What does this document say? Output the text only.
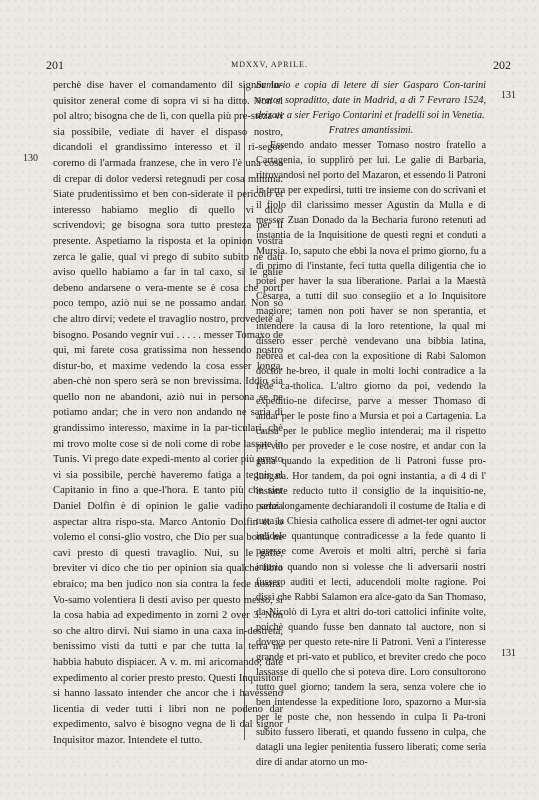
201	MDXXV, APRILE.	202
130
131
131

perchè dise haver el comandamento dil signor In-quisitor zeneral come di sopra vi si ha ditto. Non si pol altro; bisogna che de lì, con quella più pre-steza vi sia possibile, vediate di haver el dispaso nostro, dicandoli el grandissimo interesso et il ri-segoo coremo di l'armada franzese, che in vero l'è una cosa di crepar di dolor vedersi retegnudi per cosa minima. Siate prudentissimo et ben con-siderate il pericolo et interesso habiamo meglio di quello vi dico scrivendovi; ge bisogna sora tutto presteza per il presente. Aspetiamo la risposta et la opinion vostra zerca le galie, qual vi prego di subito subito ne dati aviso quello habiamo a far in tal caxo, si le galie debeno andarsene o vera-mente se è cosa che porti poco tempo, aziò nui se ne possamo andar. Non sò che altro dirvi; vedete el travaglio nostro, provedete al bisogno. Posando vegnir vui . . . . . messer Tomaxo de qui, mi farete cosa gratissima non hessendo nostro distur-bo, et maxime vedendo la cosa esser longa, aben-chè non spero serà se non brevissima. Iddio sia quello non ne abandoni, aziò nui in persona se ne potiamo andar; che in vero non andando ne saria di grandissimo interesso, maxime in la par-ticulari, chè mi trovo molte cose si de noli come di robe lassate in Tunis. Vi prego date expedi-mento al corier più presto vi sia possibile, perchè haveremo fatiga a tegnir el Capitanio in fino a que-l'hora. E tanto più che sier Daniel Dolfin è di opinion le galie vadino senza aspectar altra rispo-sta. Marco Antonio Dolfin et io volemo el consi-glio vostro, che Dio per sua bontà ne cavi presto di questi travaglio. Nui, su le galie, breviter vi dico che tio per opinion sia qualche libro ebraico; ma ben judico non sia contra la fede nostra. Vo-samo volentiera li desti aviso per questo messo, si la cosa habia ad expedimento in zorni 2 over 3. Non so che altro dirvi. Nui siamo in una caxa in-destreta, benissimo visti da tutti e par che tutta la terra ne habbia habuto dispiacer. A v. m. mi aricomando; date expedimento al corier presto presto. Questi Inquisitori si hanno lassato intender che ancor che i havesseno licentia di veder tutti i libri non ne podeno dar expedimento, salvo è bisogno vegna de lì dal signor Inquisitor mazor. Intendete el tutto.

Sumario e copia di letere di sier Gasparo Con-tarini orator sopraditto, date in Madrid, a dì 7 Fevraro 1524, drizate a sier Ferigo Contarini et fradelli soi in Venetia.

Fratres amantissimi.

Essendo andato messer Tomaso nostro fratello a Cartagenia, io supplirò per lui. Le galie di Barbaria, ritrovandosi nel porto del Mazaron, et essendo li Patroni in terra per expedirsi, tutti tre insieme con do scrivani et il fiolo dil clarissimo messer Agustin da Mulla e di messer Zuan Donado da la Becharia furono retenuti ad instantia de la Inquisitione de questi regni et conduti a Mursia. Io, saputo che ebbi la nova el primo giorno, fu a dì primo di l'instante, feci tutta quella diligentia che io potei per haver la sua liberatione. Parlai a la Maestà Cesarea, a tutti dil suo consegiio et a lo Inquisitore magiore; tamen non poti haver se non sperantia, et intendere la causa di la loro retentione, la qual mi dissero esser perchè vendevano una bibbia latina, hebrea et cal-dea con la expositione di Rabi Salomon doctor he-breo, il quale in molti lochi contradice a la fede ca-tholica. L'altro giorno da poi, vedendo la expeditio-ne difecirse, parve a messer Thomaso di andar per le poste fino a Mursia et poi a Cartagenia. La causa per le publice meglio intenderai; ma il rispetto pri-vato per proveder e le cose nostre, et andar con la galia quando la expedition de li Patroni fusse pro-lungata. Hor tandem, da poi ogni instantia, a dì 4 di l' instante reducto tutto il consiglio de la inquisitio-ne, parlai longamente dechiarandoli il costume de Italia e di tutta la Chiesia catholica essere di admet-ter ogni auctor inlidele quantunque contradicesse a la fede quanto li paresse come Averois et molti altri, perchè si faria iniuria quando non si volesse che li adversarii nostri fussero auditi et lecti, aducendoli molte ragione. Poi dissi che Rabbi Salamon era alce-gato da San Thomaso, da Nicolò di Lyra et altri do-tori cattolici infinite volte, poichè quando fusse ben dannato tal auctore, non si doveva per questo rete-nire li Patroni. Venì a l'interesse grande et pri-vato et publico, et breviter credo che poco lassasse di quello che si poteva dire. Loro consultorono tutto quel giorno; tandem la sera, senza volere che io ben intendesse la expeditione loro, spazorno a Mur-sia per le poste che, non hessendo in culpa li Pa-troni subito fussero liberati, et quando fusseno in culpa, che datagli una legier penitentia fussero liberati; come seria dire di andar atorno un mo-
